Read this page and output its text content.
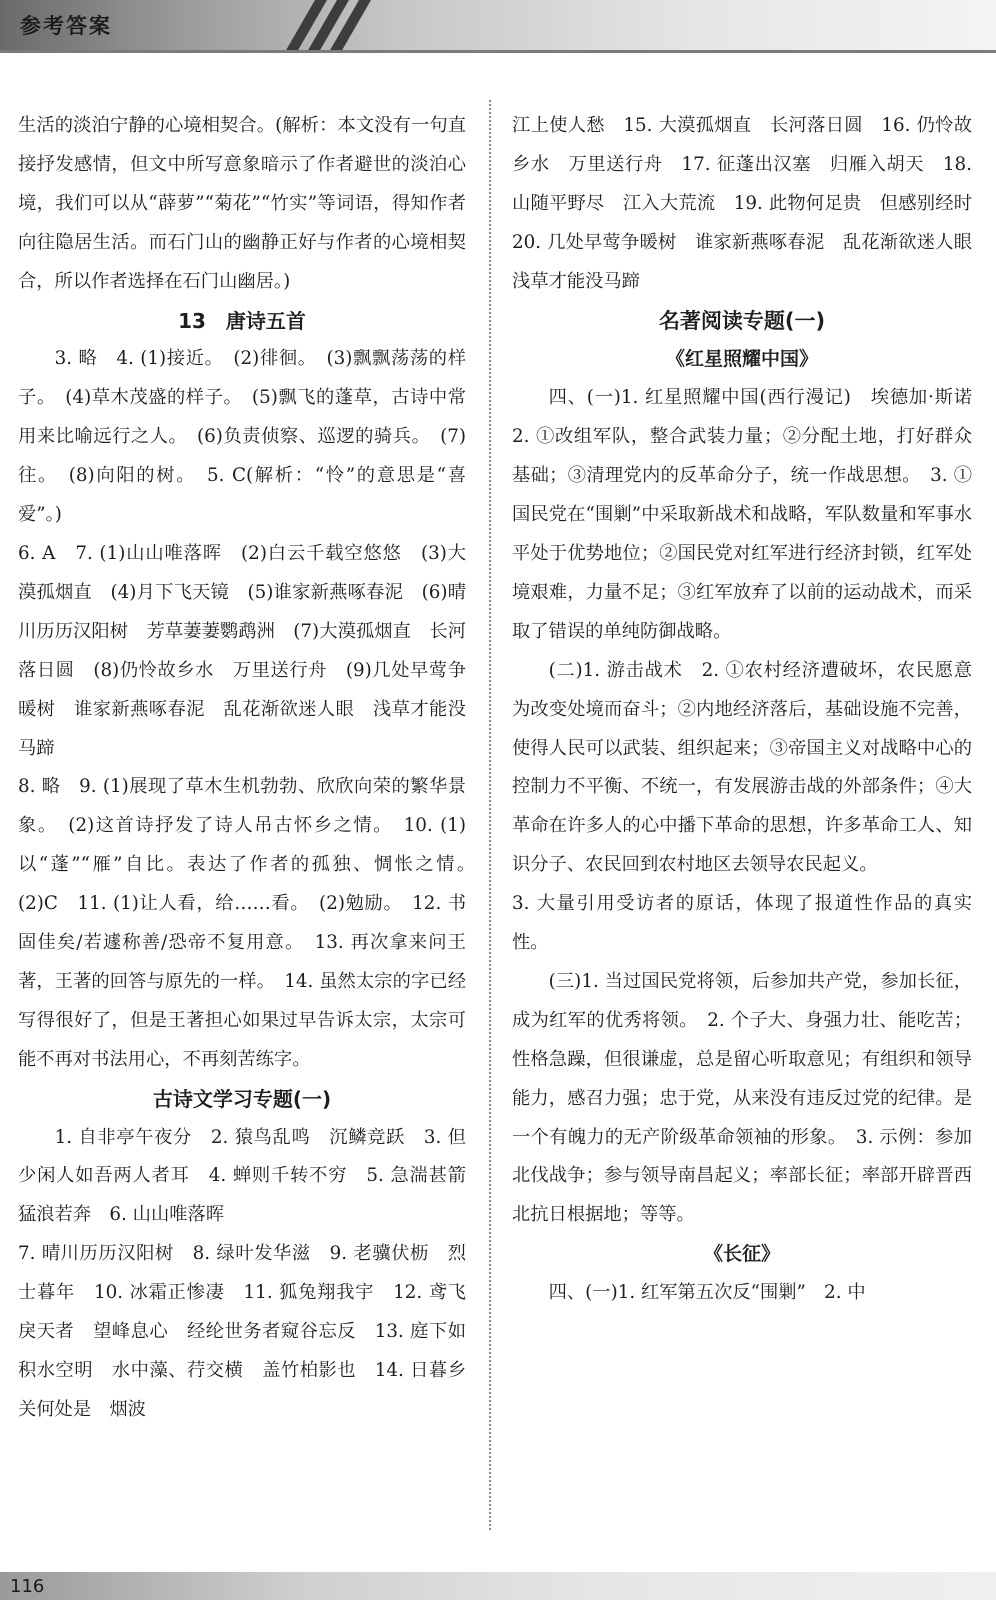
参考答案

生活的淡泊宁静的心境相契合。(解析：本文没有一句直接抒发感情，但文中所写意象暗示了作者避世的淡泊心境，我们可以从“薜萝”“菊花”“竹实”等词语，得知作者向往隐居生活。而石门山的幽静正好与作者的心境相契合，所以作者选择在石门山幽居。)

13　唐诗五首

3. 略　4. (1)接近。　(2)徘徊。　(3)飘飘荡荡的样子。　(4)草木茂盛的样子。　(5)飘飞的蓬草，古诗中常用来比喻远行之人。　(6)负责侦察、巡逻的骑兵。　(7)往。　(8)向阳的树。　5. C(解析：“怜”的意思是“喜爱”。)

6. A　7. (1)山山唯落晖　(2)白云千载空悠悠　(3)大漠孤烟直　(4)月下飞天镜　(5)谁家新燕啄春泥　(6)晴川历历汉阳树　芳草萋萋鹦鹉洲　(7)大漠孤烟直　长河落日圆　(8)仍怜故乡水　万里送行舟　(9)几处早莺争暖树　谁家新燕啄春泥　乱花渐欲迷人眼　浅草才能没马蹄

8. 略　9. (1)展现了草木生机勃勃、欣欣向荣的繁华景象。　(2)这首诗抒发了诗人吊古怀乡之情。　10. (1)以“蓬”“雁”自比。表达了作者的孤独、惆怅之情。　(2)C　11. (1)让人看，给……看。　(2)勉励。　12. 书固佳矣/若遽称善/恐帝不复用意。　13. 再次拿来问王著，王著的回答与原先的一样。　14. 虽然太宗的字已经写得很好了，但是王著担心如果过早告诉太宗，太宗可能不再对书法用心，不再刻苦练字。

古诗文学习专题(一)

1. 自非亭午夜分　2. 猿鸟乱鸣　沉鳞竞跃　3. 但少闲人如吾两人者耳　4. 蝉则千转不穷　5. 急湍甚箭　猛浪若奔　6. 山山唯落晖

7. 晴川历历汉阳树　8. 绿叶发华滋　9. 老骥伏枥　烈士暮年　10. 冰霜正惨凄　11. 狐兔翔我宇　12. 鸢飞戾天者　望峰息心　经纶世务者窥谷忘反　13. 庭下如积水空明　水中藻、荇交横　盖竹柏影也　14. 日暮乡关何处是　烟波

江上使人愁　15. 大漠孤烟直　长河落日圆　16. 仍怜故乡水　万里送行舟　17. 征蓬出汉塞　归雁入胡天　18. 山随平野尽　江入大荒流　19. 此物何足贵　但感别经时　20. 几处早莺争暖树　谁家新燕啄春泥　乱花渐欲迷人眼　浅草才能没马蹄

名著阅读专题(一)

《红星照耀中国》

四、(一)1. 红星照耀中国(西行漫记)　埃德加·斯诺　2. ①改组军队，整合武装力量；②分配土地，打好群众基础；③清理党内的反革命分子，统一作战思想。　3. ①国民党在“围剿”中采取新战术和战略，军队数量和军事水平处于优势地位；②国民党对红军进行经济封锁，红军处境艰难，力量不足；③红军放弃了以前的运动战术，而采取了错误的单纯防御战略。

(二)1. 游击战术　2. ①农村经济遭破坏，农民愿意为改变处境而奋斗；②内地经济落后，基础设施不完善，使得人民可以武装、组织起来；③帝国主义对战略中心的控制力不平衡、不统一，有发展游击战的外部条件；④大革命在许多人的心中播下革命的思想，许多革命工人、知识分子、农民回到农村地区去领导农民起义。

3. 大量引用受访者的原话，体现了报道性作品的真实性。

(三)1. 当过国民党将领，后参加共产党，参加长征，成为红军的优秀将领。　2. 个子大、身强力壮、能吃苦；性格急躁，但很谦虚，总是留心听取意见；有组织和领导能力，感召力强；忠于党，从来没有违反过党的纪律。是一个有魄力的无产阶级革命领袖的形象。　3. 示例：参加北伐战争；参与领导南昌起义；率部长征；率部开辟晋西北抗日根据地；等等。

《长征》

四、(一)1. 红军第五次反“围剿”　2. 中

116
